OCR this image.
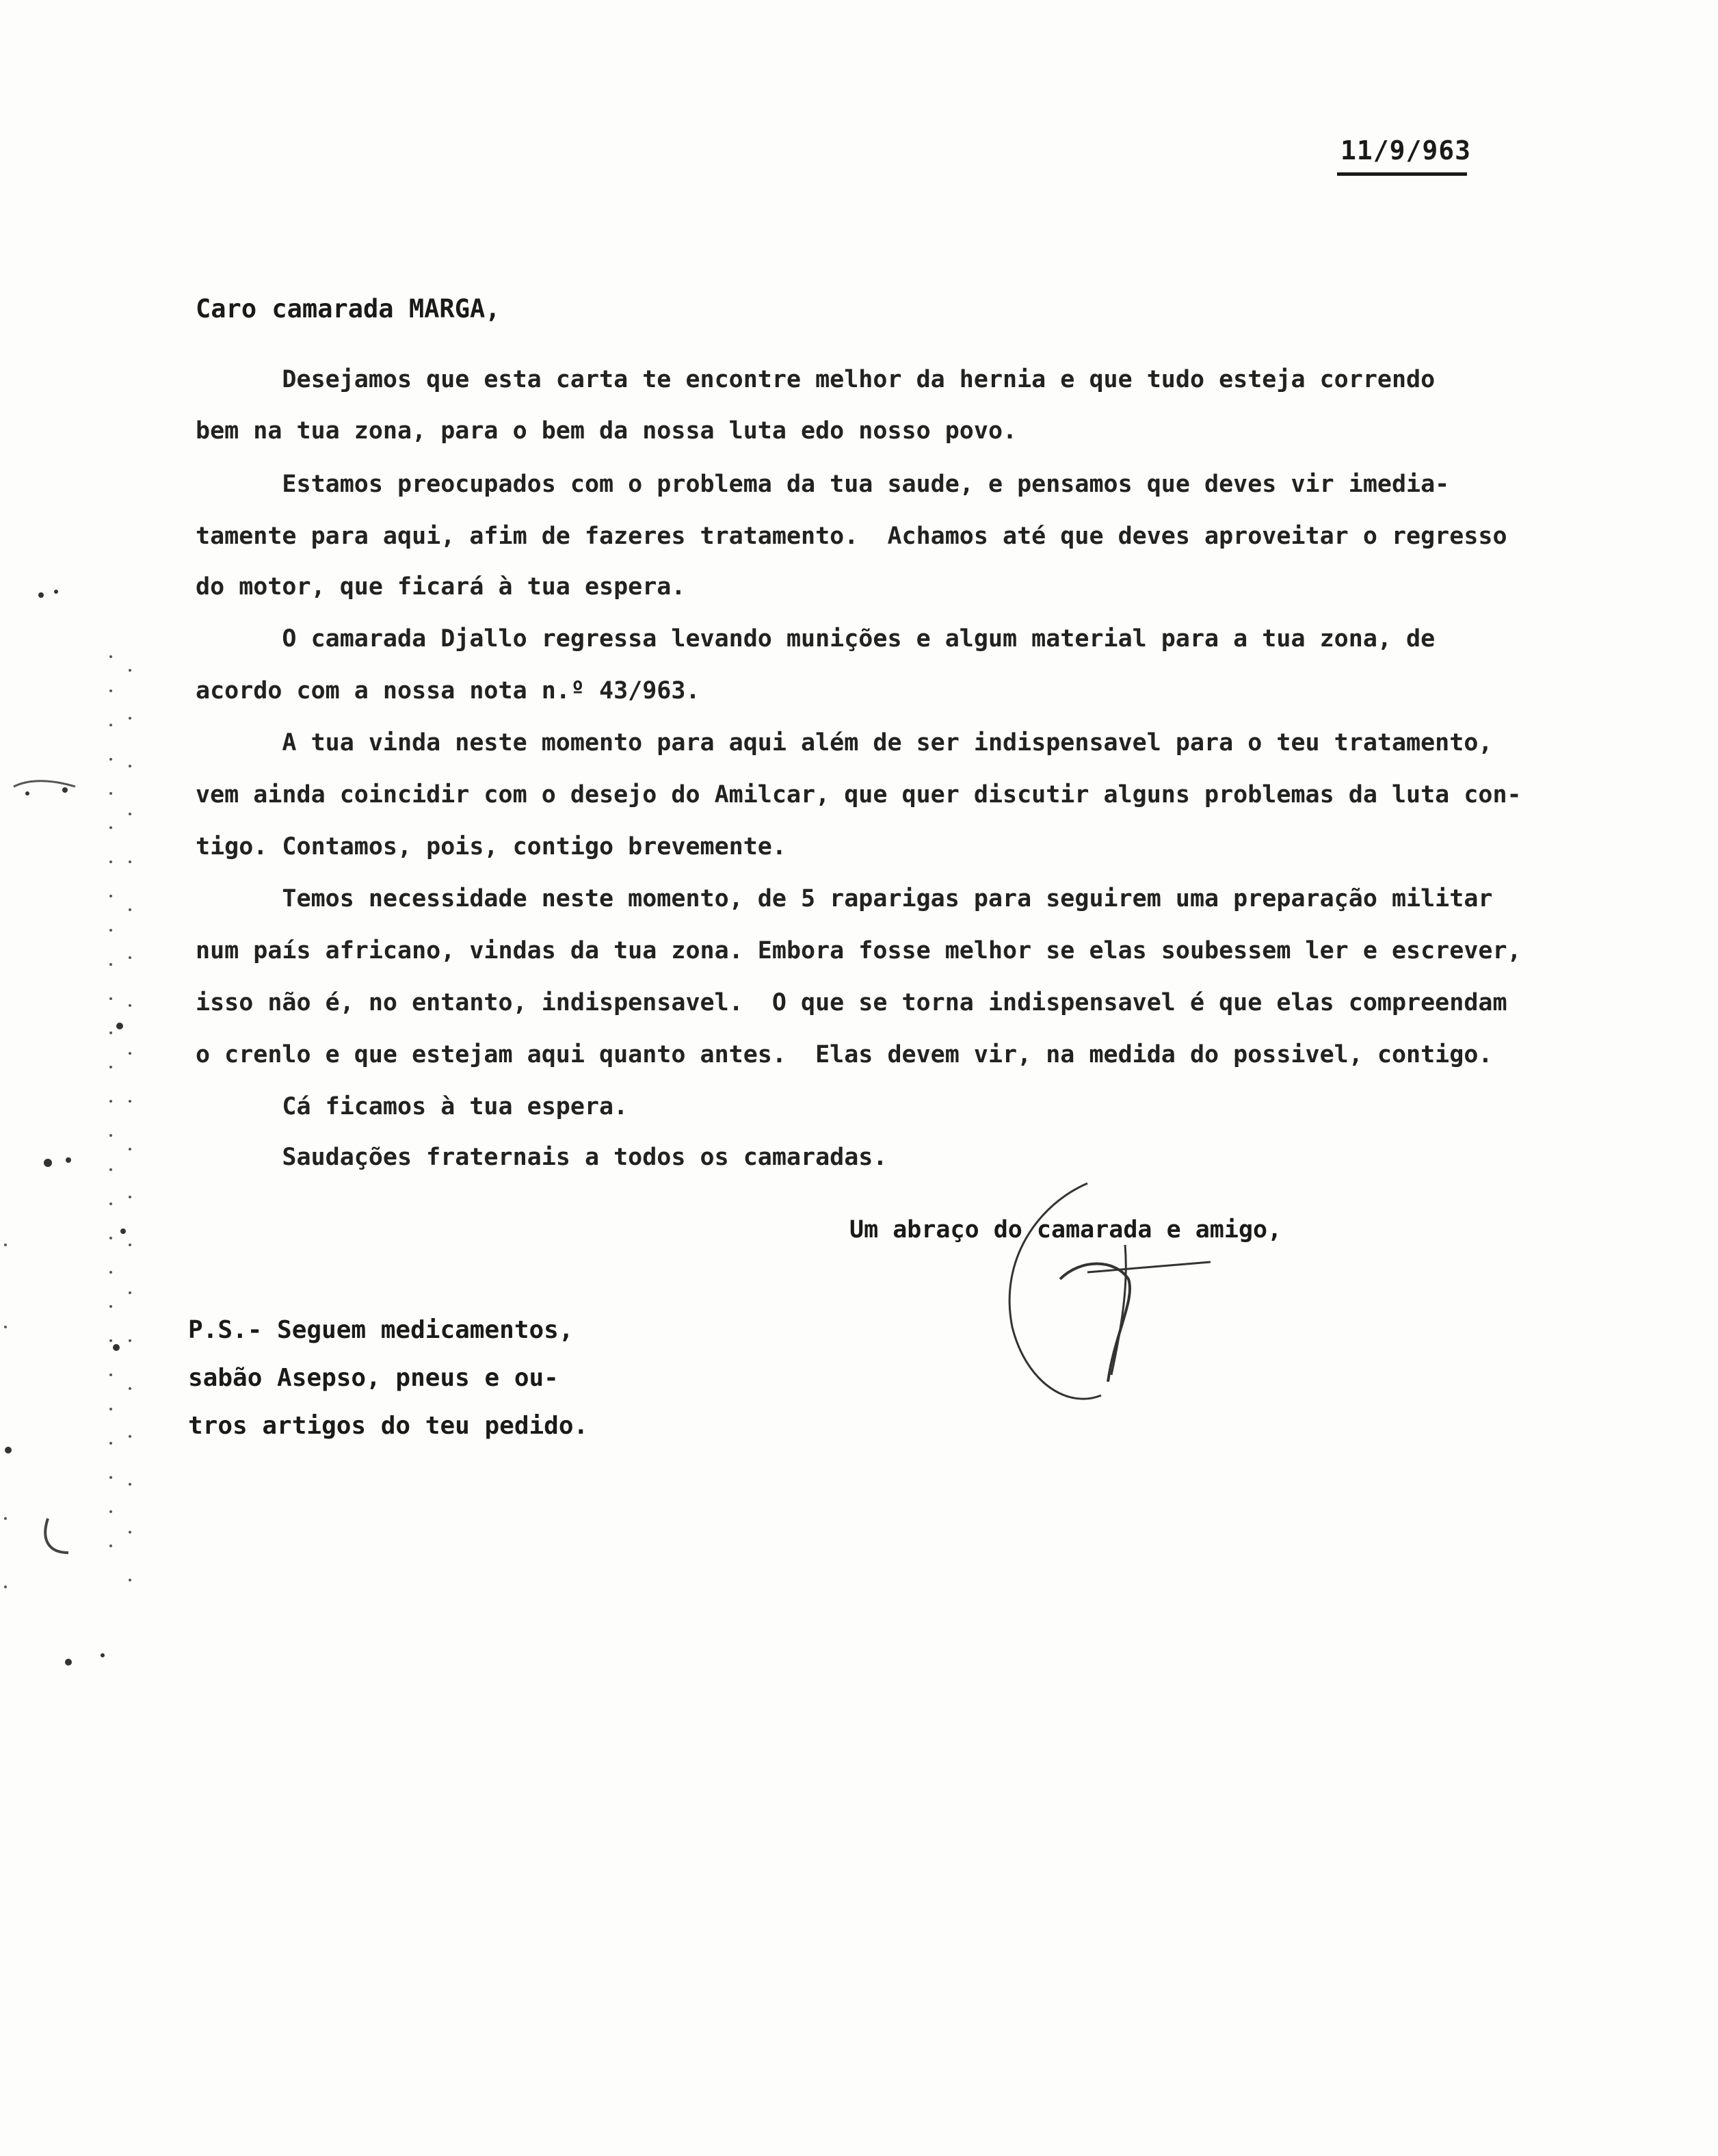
11/9/963
Caro camarada MARGA,
Desejamos que esta carta te encontre melhor da hernia e que tudo esteja correndo
bem na tua zona, para o bem da nossa luta edo nosso povo.
Estamos preocupados com o problema da tua saude, e pensamos que deves vir imedia-
tamente para aqui, afim de fazeres tratamento.  Achamos até que deves aproveitar o regresso
do motor, que ficará à tua espera.
O camarada Djallo regressa levando munições e algum material para a tua zona, de
acordo com a nossa nota n.º 43/963.
A tua vinda neste momento para aqui além de ser indispensavel para o teu tratamento,
vem ainda coincidir com o desejo do Amilcar, que quer discutir alguns problemas da luta con-
tigo. Contamos, pois, contigo brevemente.
Temos necessidade neste momento, de 5 raparigas para seguirem uma preparação militar
num país africano, vindas da tua zona. Embora fosse melhor se elas soubessem ler e escrever,
isso não é, no entanto, indispensavel.  O que se torna indispensavel é que elas compreendam
o crenlo e que estejam aqui quanto antes.  Elas devem vir, na medida do possivel, contigo.
Cá ficamos à tua espera.
Saudações fraternais a todos os camaradas.
Um abraço do camarada e amigo,
P.S.- Seguem medicamentos,
sabão Asepso, pneus e ou-
tros artigos do teu pedido.
